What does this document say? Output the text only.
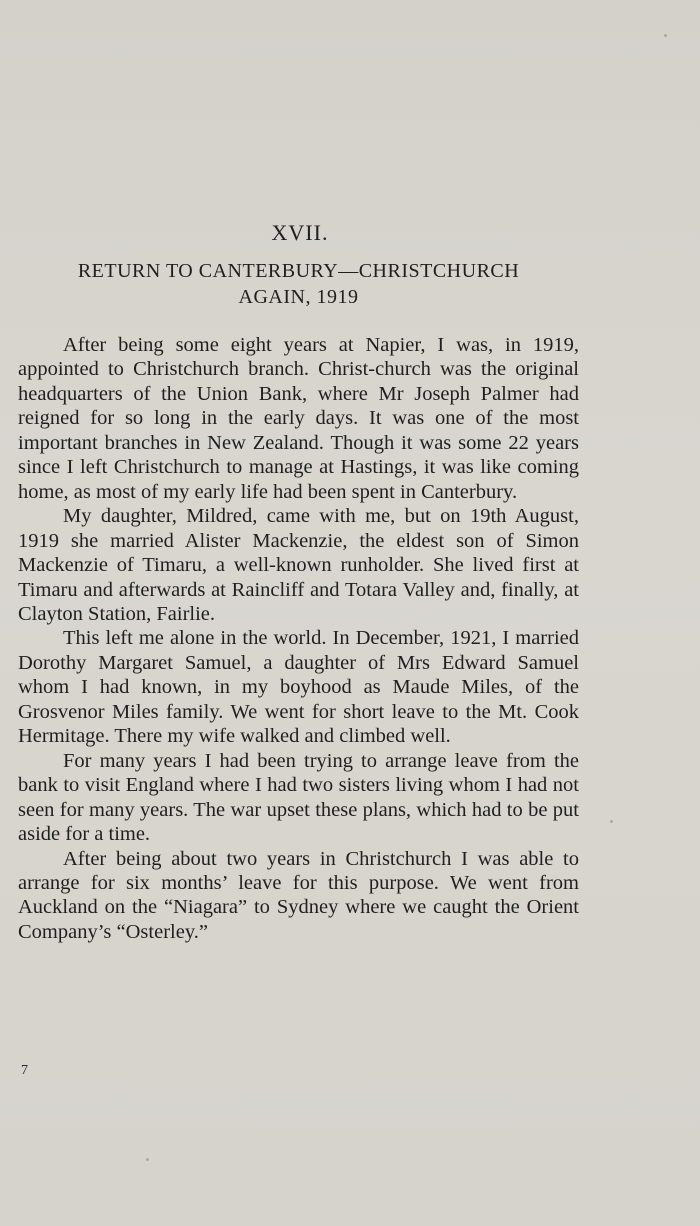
XVII.
RETURN TO CANTERBURY—CHRISTCHURCH
AGAIN, 1919

After being some eight years at Napier, I was, in 1919, appointed to Christchurch branch. Christ-church was the original headquarters of the Union Bank, where Mr Joseph Palmer had reigned for so long in the early days. It was one of the most important branches in New Zealand. Though it was some 22 years since I left Christchurch to manage at Hastings, it was like coming home, as most of my early life had been spent in Canterbury.

My daughter, Mildred, came with me, but on 19th August, 1919 she married Alister Mackenzie, the eldest son of Simon Mackenzie of Timaru, a well-known runholder. She lived first at Timaru and afterwards at Raincliff and Totara Valley and, finally, at Clayton Station, Fairlie.

This left me alone in the world. In December, 1921, I married Dorothy Margaret Samuel, a daughter of Mrs Edward Samuel whom I had known, in my boyhood as Maude Miles, of the Grosvenor Miles family. We went for short leave to the Mt. Cook Hermitage. There my wife walked and climbed well.

For many years I had been trying to arrange leave from the bank to visit England where I had two sisters living whom I had not seen for many years. The war upset these plans, which had to be put aside for a time.

After being about two years in Christchurch I was able to arrange for six months’ leave for this purpose. We went from Auckland on the “Niagara” to Sydney where we caught the Orient Company’s “Osterley.”

7
